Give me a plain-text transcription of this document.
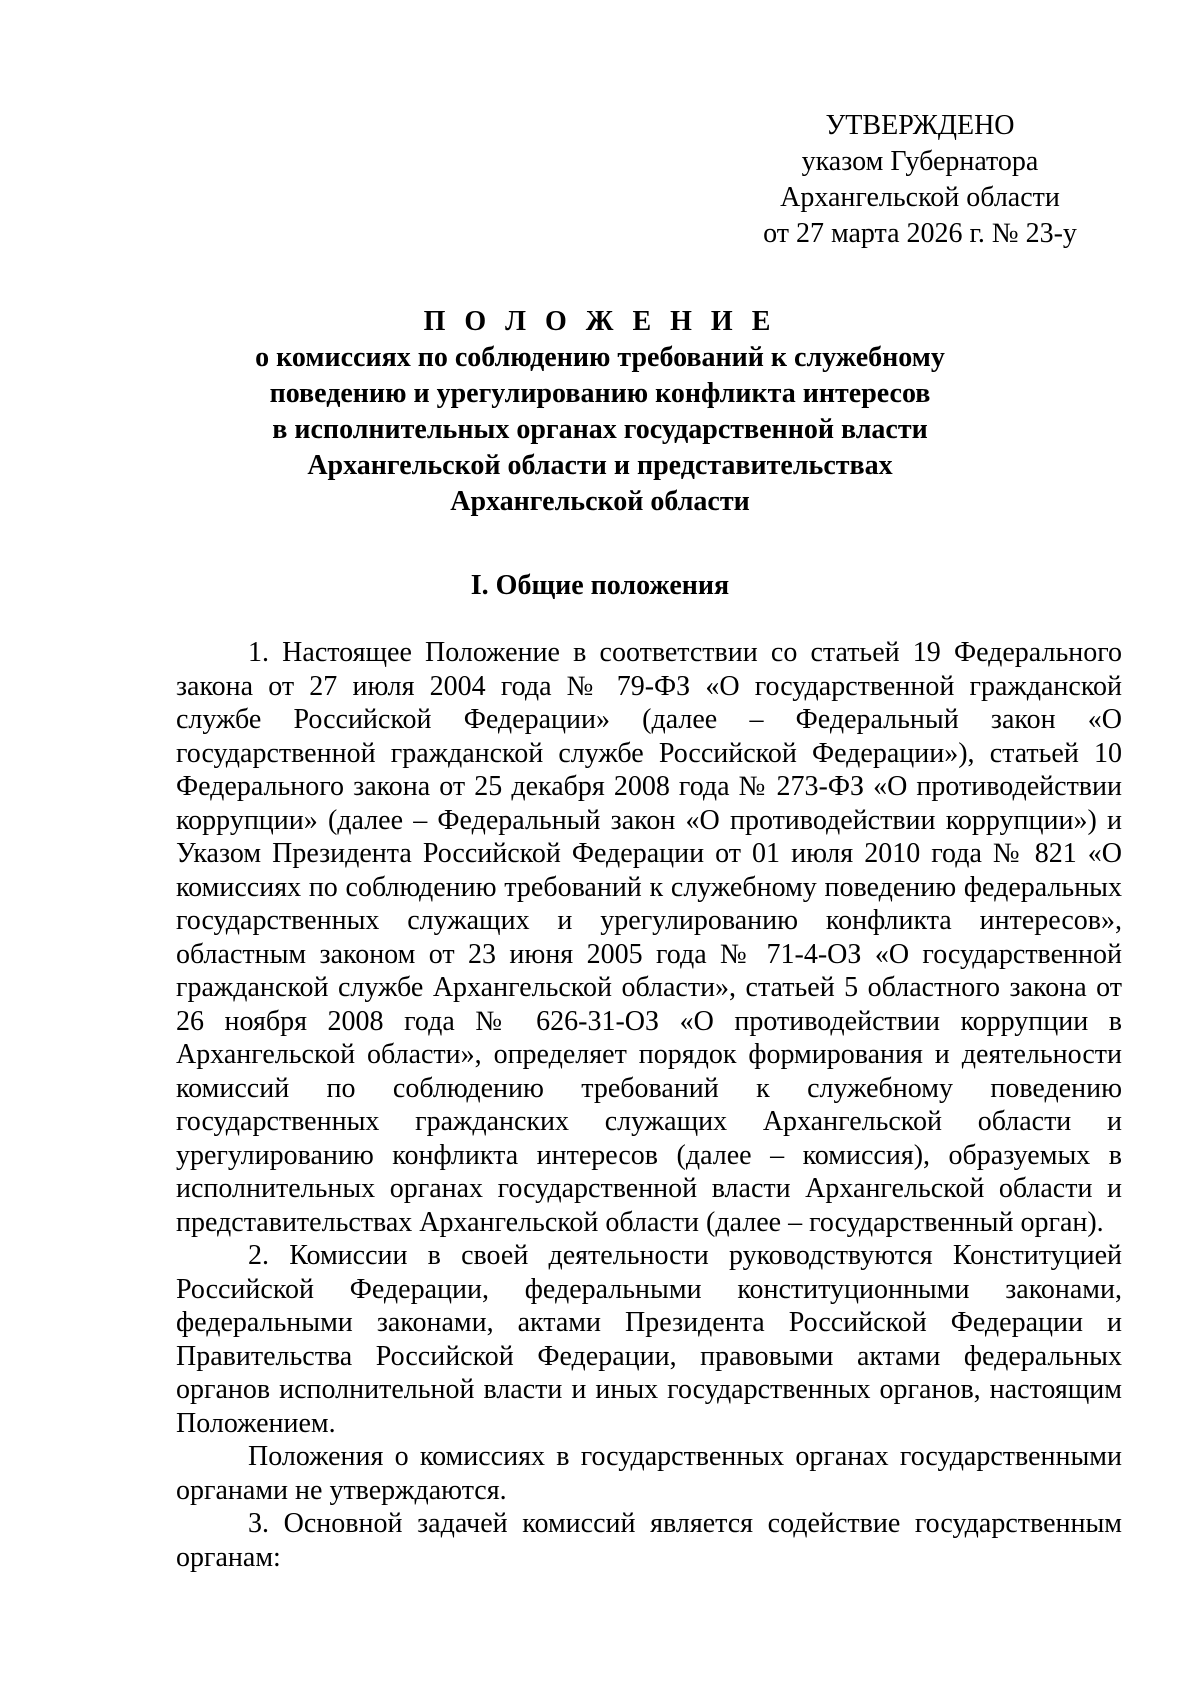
УТВЕРЖДЕНО
указом Губернатора
Архангельской области
от 27 марта 2026 г. № 23-у
П О Л О Ж Е Н И Е
о комиссиях по соблюдению требований к служебному
поведению и урегулированию конфликта интересов
в исполнительных органах государственной власти
Архангельской области и представительствах
Архангельской области
I. Общие положения

1. Настоящее Положение в соответствии со статьей 19 Федерального закона от 27 июля 2004 года № 79-ФЗ «О государственной гражданской службе Российской Федерации» (далее – Федеральный закон «О государственной гражданской службе Российской Федерации»), статьей 10 Федерального закона от 25 декабря 2008 года № 273-ФЗ «О противодействии коррупции» (далее – Федеральный закон «О противодействии коррупции») и Указом Президента Российской Федерации от 01 июля 2010 года № 821 «О комиссиях по соблюдению требований к служебному поведению федеральных государственных служащих и урегулированию конфликта интересов», областным законом от 23 июня 2005 года № 71-4-ОЗ «О государственной гражданской службе Архангельской области», статьей 5 областного закона от 26 ноября 2008 года № 626-31-ОЗ «О противодействии коррупции в Архангельской области», определяет порядок формирования и деятельности комиссий по соблюдению требований к служебному поведению государственных гражданских служащих Архангельской области и урегулированию конфликта интересов (далее – комиссия), образуемых в исполнительных органах государственной власти Архангельской области и представительствах Архангельской области (далее – государственный орган).

2. Комиссии в своей деятельности руководствуются Конституцией Российской Федерации, федеральными конституционными законами, федеральными законами, актами Президента Российской Федерации и Правительства Российской Федерации, правовыми актами федеральных органов исполнительной власти и иных государственных органов, настоящим Положением.

Положения о комиссиях в государственных органах государственными органами не утверждаются.

3. Основной задачей комиссий является содействие государственным органам:
